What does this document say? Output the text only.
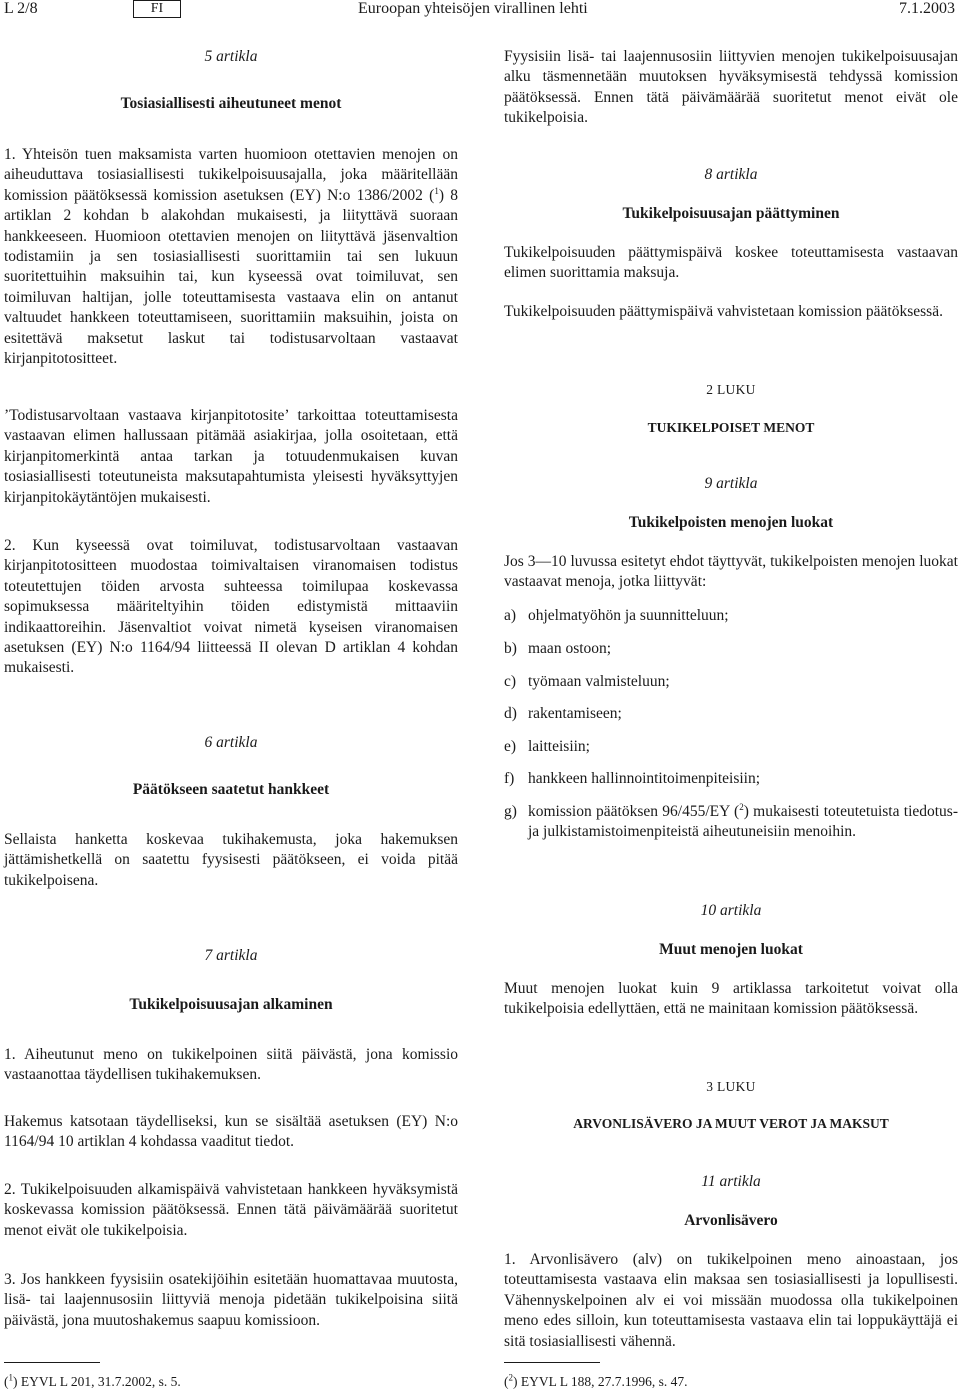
L 2/8	FI	Euroopan yhteisöjen virallinen lehti	7.1.2003

5 artikla

Tosiasiallisesti aiheutuneet menot

1. Yhteisön tuen maksamista varten huomioon otettavien menojen on aiheuduttava tosiasiallisesti tukikelpoisuusajalla, joka määritellään komission päätöksessä komission asetuksen (EY) N:o 1386/2002 ($^1$) 8 artiklan 2 kohdan b alakohdan mukaisesti, ja liityttävä suoraan hankkeeseen. Huomioon otettavien menojen on liityttävä jäsenvaltion todistamiin ja sen tosiasiallisesti suorittamiin tai sen lukuun suoritettuihin maksuihin tai, kun kyseessä ovat toimiluvat, sen toimiluvan haltijan, jolle toteuttamisesta vastaava elin on antanut valtuudet hankkeen toteuttamiseen, suorittamiin maksuihin, joista on esitettävä maksetut laskut tai todistusarvoltaan vastaavat kirjanpitotositteet.

’Todistusarvoltaan vastaava kirjanpitotosite’ tarkoittaa toteuttamisesta vastaavan elimen hallussaan pitämää asiakirjaa, jolla osoitetaan, että kirjanpitomerkintä antaa tarkan ja totuudenmukaisen kuvan tosiasiallisesti toteutuneista maksutapahtumista yleisesti hyväksyttyjen kirjanpitokäytäntöjen mukaisesti.

2. Kun kyseessä ovat toimiluvat, todistusarvoltaan vastaavan kirjanpitotositteen muodostaa toimivaltaisen viranomaisen todistus toteutettujen töiden arvosta suhteessa toimilupaa koskevassa sopimuksessa määriteltyihin töiden edistymistä mittaaviin indikaattoreihin. Jäsenvaltiot voivat nimetä kyseisen viranomaisen asetuksen (EY) N:o 1164/94 liitteessä II olevan D artiklan 4 kohdan mukaisesti.

6 artikla

Päätökseen saatetut hankkeet

Sellaista hanketta koskevaa tukihakemusta, joka hakemuksen jättämishetkellä on saatettu fyysisesti päätökseen, ei voida pitää tukikelpoisena.

7 artikla

Tukikelpoisuusajan alkaminen

1. Aiheutunut meno on tukikelpoinen siitä päivästä, jona komissio vastaanottaa täydellisen tukihakemuksen.

Hakemus katsotaan täydelliseksi, kun se sisältää asetuksen (EY) N:o 1164/94 10 artiklan 4 kohdassa vaaditut tiedot.

2. Tukikelpoisuuden alkamispäivä vahvistetaan hankkeen hyväksymistä koskevassa komission päätöksessä. Ennen tätä päivämäärää suoritetut menot eivät ole tukikelpoisia.

3. Jos hankkeen fyysisiin osatekijöihin esitetään huomattavaa muutosta, lisä- tai laajennusosiin liittyviä menoja pidetään tukikelpoisina siitä päivästä, jona muutoshakemus saapuu komissioon.

($^1$) EYVL L 201, 31.7.2002, s. 5.

Fyysisiin lisä- tai laajennusosiin liittyvien menojen tukikelpoisuusajan alku täsmennetään muutoksen hyväksymisestä tehdyssä komission päätöksessä. Ennen tätä päivämäärää suoritetut menot eivät ole tukikelpoisia.

8 artikla

Tukikelpoisuusajan päättyminen

Tukikelpoisuuden päättymispäivä koskee toteuttamisesta vastaavan elimen suorittamia maksuja.

Tukikelpoisuuden päättymispäivä vahvistetaan komission päätöksessä.

2 LUKU

TUKIKELPOISET MENOT

9 artikla

Tukikelpoisten menojen luokat

Jos 3—10 luvussa esitetyt ehdot täyttyvät, tukikelpoisten menojen luokat vastaavat menoja, jotka liittyvät:

a) ohjelmatyöhön ja suunnitteluun;
b) maan ostoon;
c) työmaan valmisteluun;
d) rakentamiseen;
e) laitteisiin;
f) hankkeen hallinnointitoimenpiteisiin;
g) komission päätöksen 96/455/EY ($^2$) mukaisesti toteutetuista tiedotus- ja julkistamistoimenpiteistä aiheutuneisiin menoihin.

10 artikla

Muut menojen luokat

Muut menojen luokat kuin 9 artiklassa tarkoitetut voivat olla tukikelpoisia edellyttäen, että ne mainitaan komission päätöksessä.

3 LUKU

ARVONLISÄVERO JA MUUT VEROT JA MAKSUT

11 artikla

Arvonlisävero

1. Arvonlisävero (alv) on tukikelpoinen meno ainoastaan, jos toteuttamisesta vastaava elin maksaa sen tosiasiallisesti ja lopullisesti. Vähennyskelpoinen alv ei voi missään muodossa olla tukikelpoinen meno edes silloin, kun toteuttamisesta vastaava elin tai loppukäyttäjä ei sitä tosiasiallisesti vähennä.

($^2$) EYVL L 188, 27.7.1996, s. 47.
